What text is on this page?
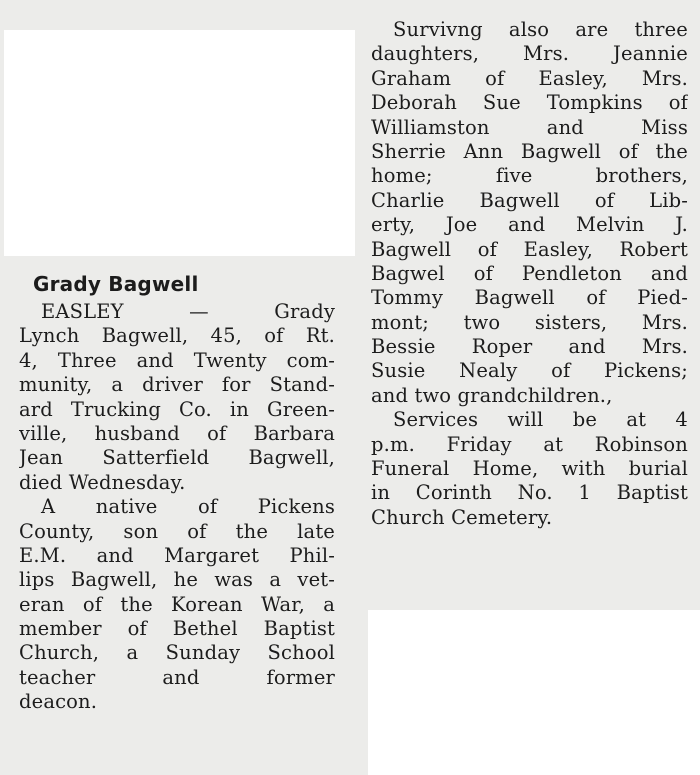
Grady Bagwell
EASLEY — Grady
Lynch Bagwell, 45, of Rt.
4, Three and Twenty com-
munity, a driver for Stand-
ard Trucking Co. in Green-
ville, husband of Barbara
Jean Satterfield Bagwell,
died Wednesday.
A native of Pickens
County, son of the late
E.M. and Margaret Phil-
lips Bagwell, he was a vet-
eran of the Korean War, a
member of Bethel Baptist
Church, a Sunday School
teacher and former
deacon.
Survivng also are three
daughters, Mrs. Jeannie
Graham of Easley, Mrs.
Deborah Sue Tompkins of
Williamston and Miss
Sherrie Ann Bagwell of the
home; five brothers,
Charlie Bagwell of Lib-
erty, Joe and Melvin J.
Bagwell of Easley, Robert
Bagwel of Pendleton and
Tommy Bagwell of Pied-
mont; two sisters, Mrs.
Bessie Roper and Mrs.
Susie Nealy of Pickens;
and two grandchildren.,
Services will be at 4
p.m. Friday at Robinson
Funeral Home, with burial
in Corinth No. 1 Baptist
Church Cemetery.
